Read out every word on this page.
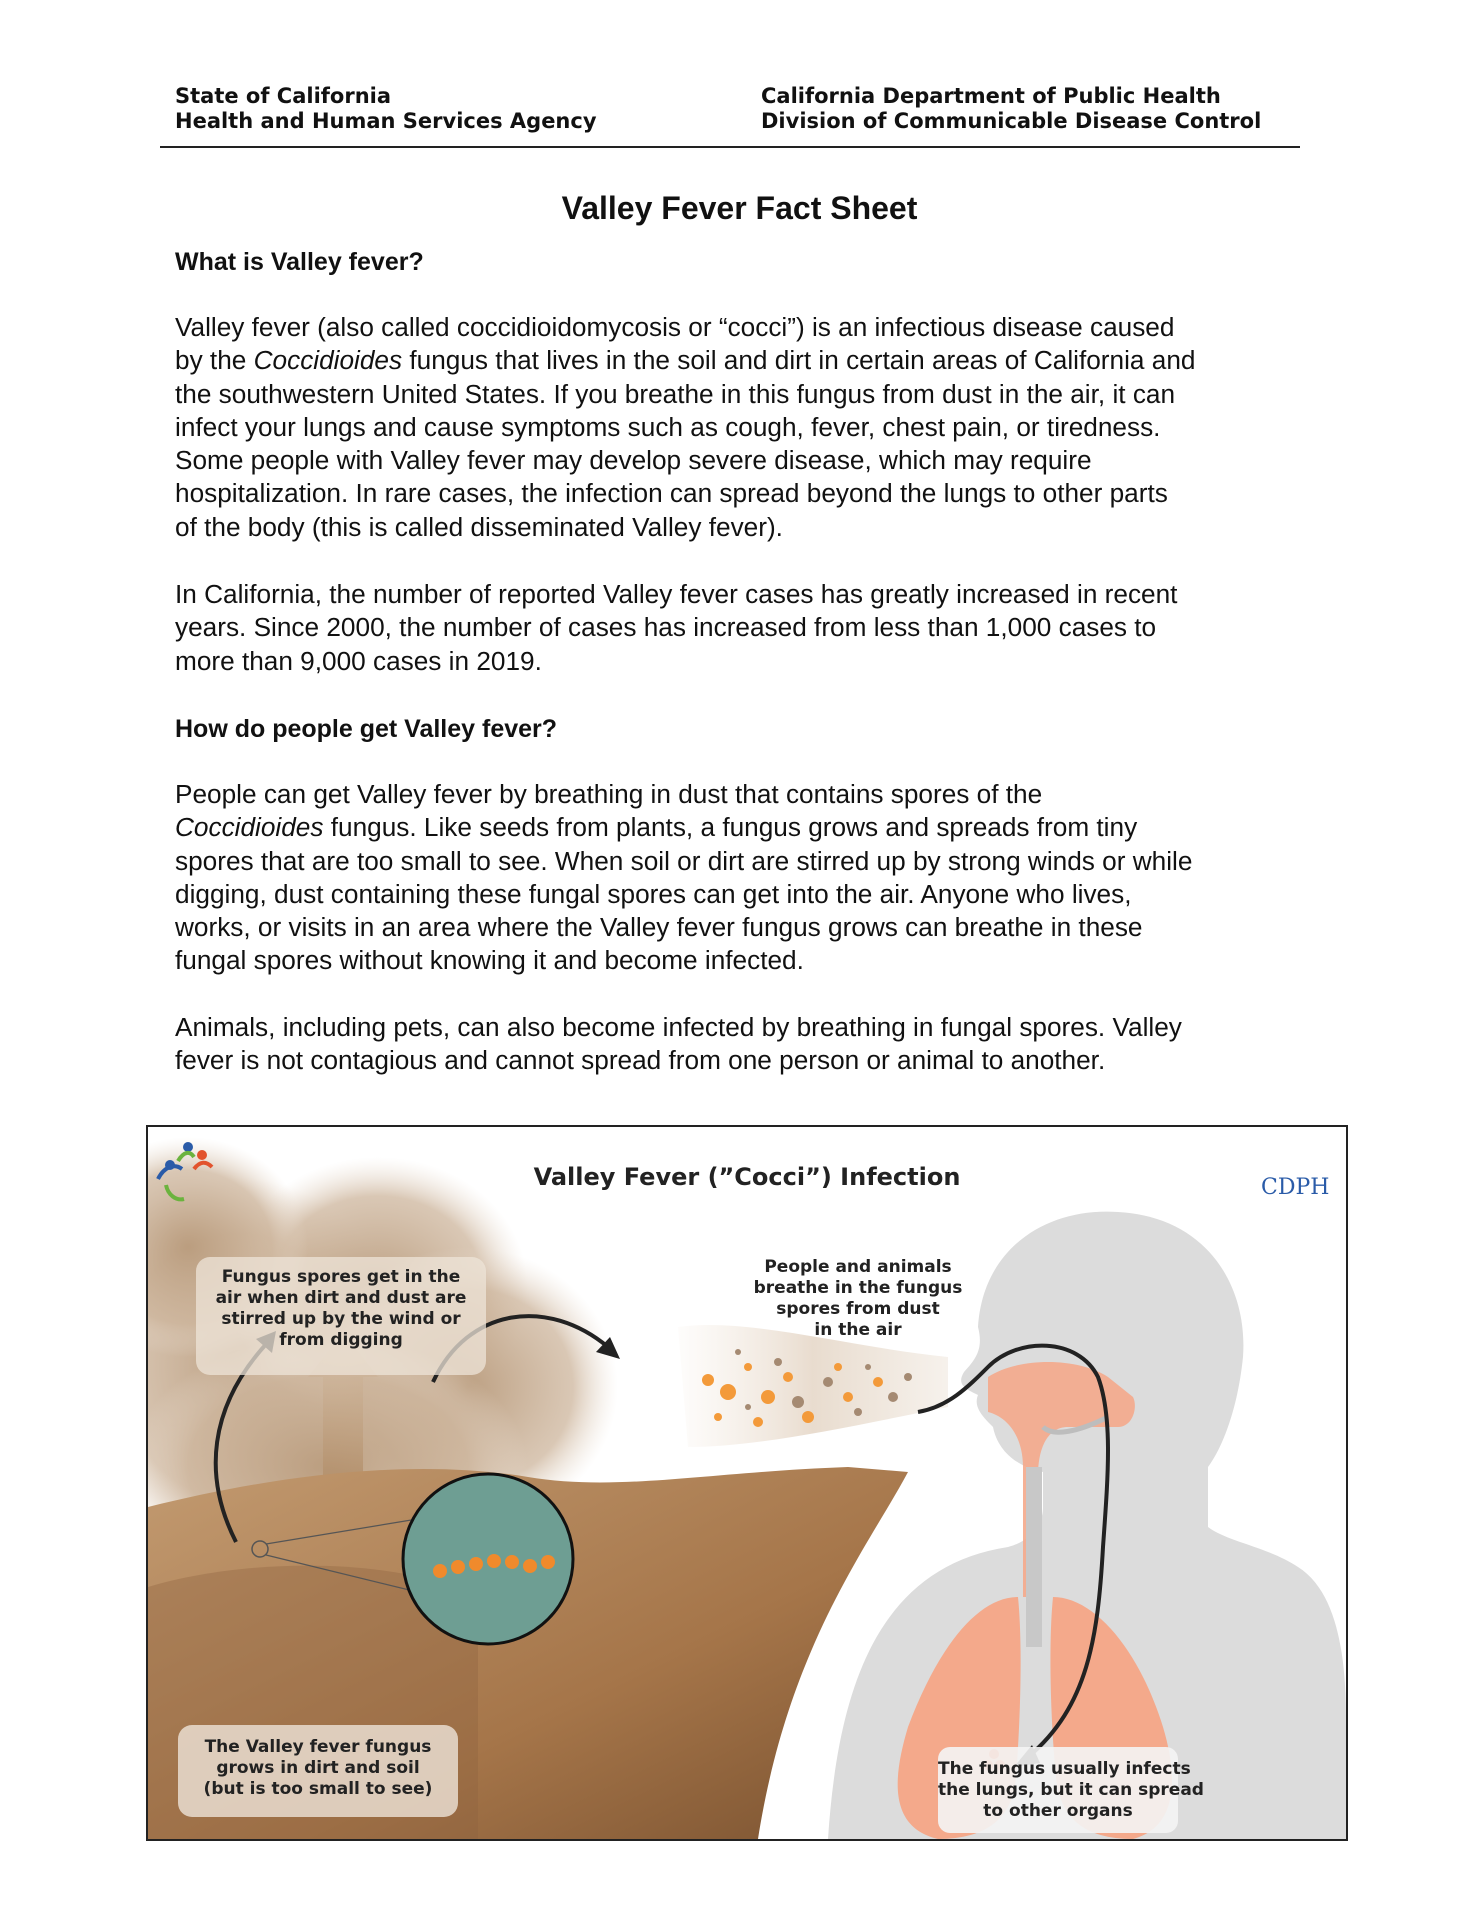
State of California
Health and Human Services Agency
California Department of Public Health
Division of Communicable Disease Control
Valley Fever Fact Sheet
What is Valley fever?

Valley fever (also called coccidioidomycosis or “cocci”) is an infectious disease caused
by the Coccidioides fungus that lives in the soil and dirt in certain areas of California and
the southwestern United States. If you breathe in this fungus from dust in the air, it can
infect your lungs and cause symptoms such as cough, fever, chest pain, or tiredness.
Some people with Valley fever may develop severe disease, which may require
hospitalization. In rare cases, the infection can spread beyond the lungs to other parts
of the body (this is called disseminated Valley fever).

In California, the number of reported Valley fever cases has greatly increased in recent
years. Since 2000, the number of cases has increased from less than 1,000 cases to
more than 9,000 cases in 2019.

How do people get Valley fever?

People can get Valley fever by breathing in dust that contains spores of the
Coccidioides fungus. Like seeds from plants, a fungus grows and spreads from tiny
spores that are too small to see. When soil or dirt are stirred up by strong winds or while
digging, dust containing these fungal spores can get into the air. Anyone who lives,
works, or visits in an area where the Valley fever fungus grows can breathe in these
fungal spores without knowing it and become infected.

Animals, including pets, can also become infected by breathing in fungal spores. Valley
fever is not contagious and cannot spread from one person or animal to another.

Valley Fever (”Cocci”) Infection	CDPH
Fungus spores get in the
air when dirt and dust are
stirred up by the wind or
from digging
People and animals
breathe in the fungus
spores from dust
in the air
The Valley fever fungus
grows in dirt and soil
(but is too small to see)
The fungus usually infects
the lungs, but it can spread
to other organs
